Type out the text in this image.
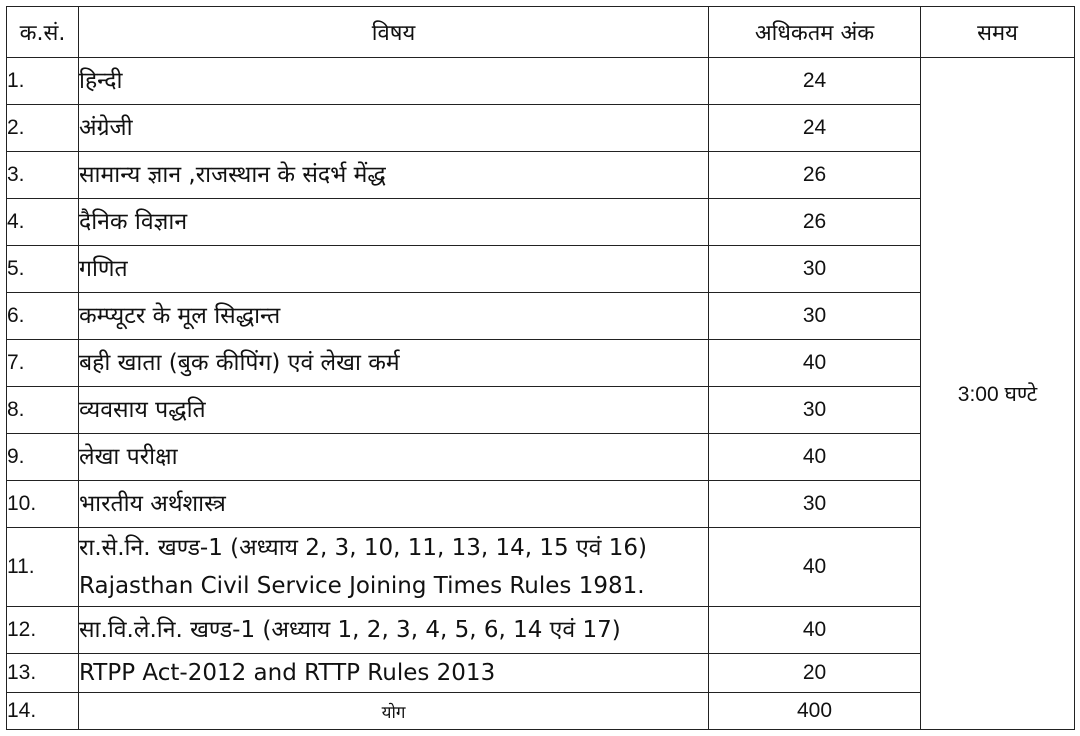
क.सं.	विषय	अधिकतम अंक	समय
1.	हिन्दी	24	3:00 घण्टे
2.	अंग्रेजी	24	
3.	सामान्य ज्ञान ,राजस्थान के संदर्भ मेंद्ध	26	
4.	दैनिक विज्ञान	26	
5.	गणित	30	
6.	कम्प्यूटर के मूल सिद्धान्त	30	
7.	बही खाता (बुक कीपिंग) एवं लेखा कर्म	40	
8.	व्यवसाय पद्धति	30	
9.	लेखा परीक्षा	40	
10.	भारतीय अर्थशास्त्र	30	
11.	रा.से.नि. खण्ड-1 (अध्याय 2, 3, 10, 11, 13, 14, 15 एवं 16) Rajasthan Civil Service Joining Times Rules 1981.	40	
12.	सा.वि.ले.नि. खण्ड-1 (अध्याय 1, 2, 3, 4, 5, 6, 14 एवं 17)	40	
13.	RTPP Act-2012 and RTTP Rules 2013	20	
14.	योग	400	
